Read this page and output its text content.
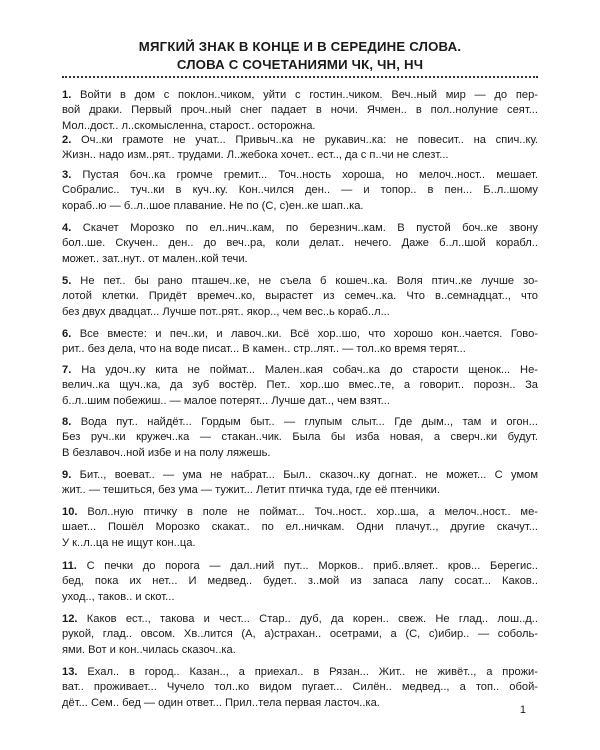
МЯГКИЙ ЗНАК В КОНЦЕ И В СЕРЕДИНЕ СЛОВА.
СЛОВА С СОЧЕТАНИЯМИ ЧК, ЧН, НЧ
1. Войти в дом с поклон..чиком, уйти с гостин..чиком. Веч..ный мир — до пер-
вой драки. Первый проч..ный снег падает в ночи. Ячмен.. в пол..нолуние сеят...
Мол..дост.. л..скомысленна, старост.. осторожна.
2. Оч..ки грамоте не учат... Привыч..ка не рукавич..ка: не повесит.. на спич..ку.
Жизн.. надо изм..рят.. трудами. Л..жебока хочет.. ест.., да с п..чи не слезт...
3. Пустая боч..ка громче гремит... Точ..ность хороша, но мелоч..ност.. мешает.
Собралис.. туч..ки в куч..ку. Кон..чился ден.. — и топор.. в пен... Б..л..шому
кораб..ю — б..л..шое плавание. Не по (С, с)ен..ке шап..ка.
4. Скачет Морозко по ел..нич..кам, по березнич..кам. В пустой боч..ке звону
бол..ше. Скучен.. ден.. до веч..ра, коли делат.. нечего. Даже б..л..шой корабл..
может.. зат..нут.. от мален..кой течи.
5. Не пет.. бы рано пташеч..ке, не съела б кошеч..ка. Воля птич..ке лучше зо-
лотой клетки. Придёт времеч..ко, вырастет из семеч..ка. Что в..семнадцат.., что
без двух двадцат... Лучше пот..рят.. якор.., чем вес..ь кораб..л...
6. Все вместе: и печ..ки, и лавоч..ки. Всё хор..шо, что хорошо кон..чается. Гово-
рит.. без дела, что на воде писат... В камен.. стр..лят.. — тол..ко время терят...
7. На удоч..ку кита не поймат... Мален..кая собач..ка до старости щенок... Не-
велич..ка щуч..ка, да зуб востёр. Пет.. хор..шо вмес..те, а говорит.. порозн.. За
б..л..шим побежиш.. — малое потерят... Лучше дат.., чем взят...
8. Вода пут.. найдёт... Гордым быт.. — глупым слыт... Где дым.., там и огон...
Без руч..ки кружеч..ка — стакан..чик. Была бы изба новая, а сверч..ки будут.
В безлавоч..ной избе и на полу ляжешь.
9. Бит.., воеват.. — ума не набрат... Был.. сказоч..ку догнат.. не может... С умом
жит.. — тешиться, без ума — тужит... Летит птичка туда, где её птенчики.
10. Вол..ную птичку в поле не поймат... Точ..ност.. хор..ша, а мелоч..ност.. ме-
шает... Пошёл Морозко скакат.. по ел..ничкам. Одни плачут.., другие скачут...
У к..л..ца не ищут кон..ца.
11. С печки до порога — дал..ний пут... Морков.. приб..вляет.. кров... Берегис..
бед, пока их нет... И медвед.. будет.. з..мой из запаса лапу сосат... Каков..
уход.., таков.. и скот...
12. Каков ест.., такова и чест... Стар.. дуб, да корен.. свеж. Не глад.. лош..д..
рукой, глад.. овсом. Хв..лится (А, а)страхан.. осетрами, а (С, с)ибир.. — соболь-
ями. Вот и кон..чилась сказоч..ка.
13. Ехал.. в город.. Казан.., а приехал.. в Рязан... Жит.. не живёт.., а прожи-
ват.. проживает... Чучело тол..ко видом пугает... Силён.. медвед.., а топ.. обой-
дёт... Сем.. бед — один ответ... Прил..тела первая ласточ..ка.
1
